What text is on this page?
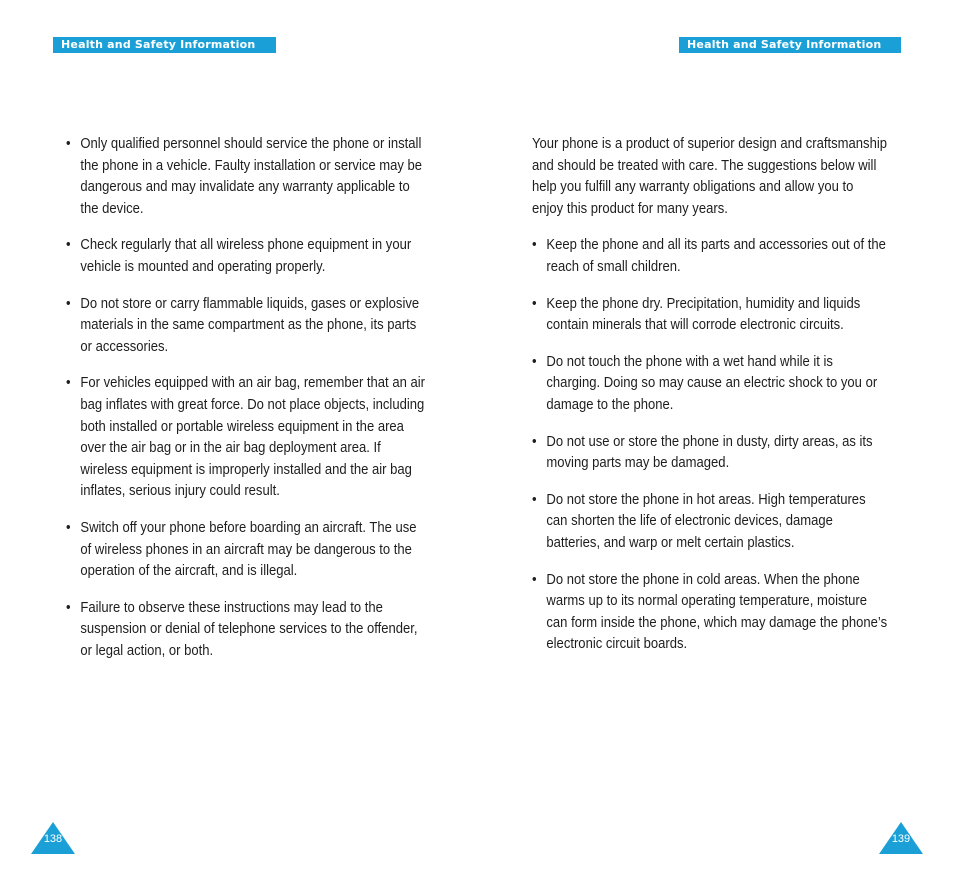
Health and Safety Information	Health and Safety Information
• Only qualified personnel should service the phone or install the phone in a vehicle. Faulty installation or service may be dangerous and may invalidate any warranty applicable to the device.
• Check regularly that all wireless phone equipment in your vehicle is mounted and operating properly.
• Do not store or carry flammable liquids, gases or explosive materials in the same compartment as the phone, its parts or accessories.
• For vehicles equipped with an air bag, remember that an air bag inflates with great force. Do not place objects, including both installed or portable wireless equipment in the area over the air bag or in the air bag deployment area. If wireless equipment is improperly installed and the air bag inflates, serious injury could result.
• Switch off your phone before boarding an aircraft. The use of wireless phones in an aircraft may be dangerous to the operation of the aircraft, and is illegal.
• Failure to observe these instructions may lead to the suspension or denial of telephone services to the offender, or legal action, or both.

Your phone is a product of superior design and craftsmanship and should be treated with care. The suggestions below will help you fulfill any warranty obligations and allow you to enjoy this product for many years.

• Keep the phone and all its parts and accessories out of the reach of small children.
• Keep the phone dry. Precipitation, humidity and liquids contain minerals that will corrode electronic circuits.
• Do not touch the phone with a wet hand while it is charging. Doing so may cause an electric shock to you or damage to the phone.
• Do not use or store the phone in dusty, dirty areas, as its moving parts may be damaged.
• Do not store the phone in hot areas. High temperatures can shorten the life of electronic devices, damage batteries, and warp or melt certain plastics.
• Do not store the phone in cold areas. When the phone warms up to its normal operating temperature, moisture can form inside the phone, which may damage the phone’s electronic circuit boards.
138	139
